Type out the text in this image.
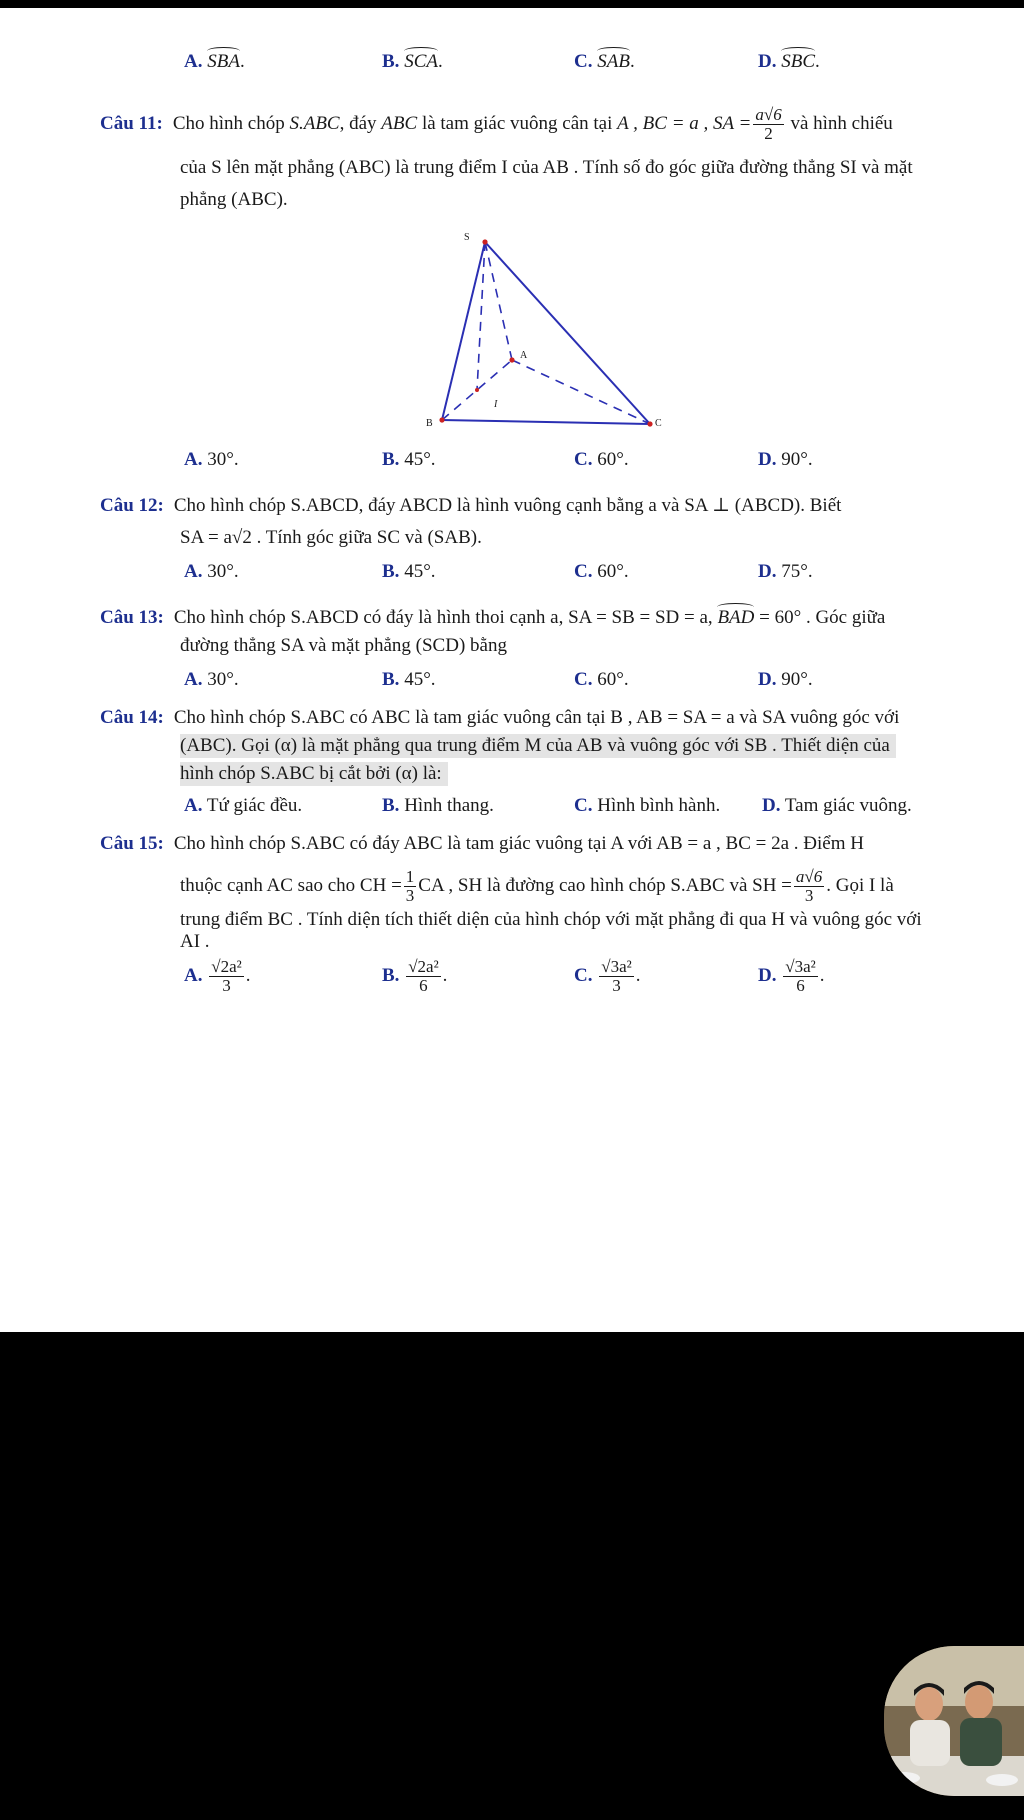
A. SBA.	B. SCA.	C. SAB.	D. SBC.
Câu 11: Cho hình chóp S.ABC, đáy ABC là tam giác vuông cân tại A , BC = a , SA = $\frac{a√6}{2}$ và hình chiếu
của S lên mặt phẳng (ABC) là trung điểm I của AB . Tính số đo góc giữa đường thẳng SI và mặt
phẳng (ABC).
S
A
I
B	C
A. 30°.	B. 45°.	C. 60°.	D. 90°.
Câu 12: Cho hình chóp S.ABCD, đáy ABCD là hình vuông cạnh bằng a và SA ⊥ (ABCD). Biết
SA = a√2 . Tính góc giữa SC và (SAB).
A. 30°.	B. 45°.	C. 60°.	D. 75°.
Câu 13: Cho hình chóp S.ABCD có đáy là hình thoi cạnh a, SA = SB = SD = a, BAD = 60° . Góc giữa
đường thẳng SA và mặt phẳng (SCD) bằng
A. 30°.	B. 45°.	C. 60°.	D. 90°.
Câu 14: Cho hình chóp S.ABC có ABC là tam giác vuông cân tại B , AB = SA = a và SA vuông góc với
(ABC). Gọi (α) là mặt phẳng qua trung điểm M của AB và vuông góc với SB . Thiết diện của
hình chóp S.ABC bị cắt bởi (α) là:
A. Tứ giác đều.	B. Hình thang.	C. Hình bình hành. D. Tam giác vuông.
Câu 15: Cho hình chóp S.ABC có đáy ABC là tam giác vuông tại A với AB = a , BC = 2a . Điểm H
thuộc cạnh AC sao cho CH = $\frac{1}{3}$ CA , SH là đường cao hình chóp S.ABC và SH = $\frac{a√6}{3}$ . Gọi I là
trung điểm BC . Tính diện tích thiết diện của hình chóp với mặt phẳng đi qua H và vuông góc với
AI .
A. $\frac{\text{√2a²}}{3}$ .	B. $\frac{\text{√2a²}}{6}$ .	C. $\frac{\text{√3a²}}{3}$ .	D. $\frac{\text{√3a²}}{6}$ .
